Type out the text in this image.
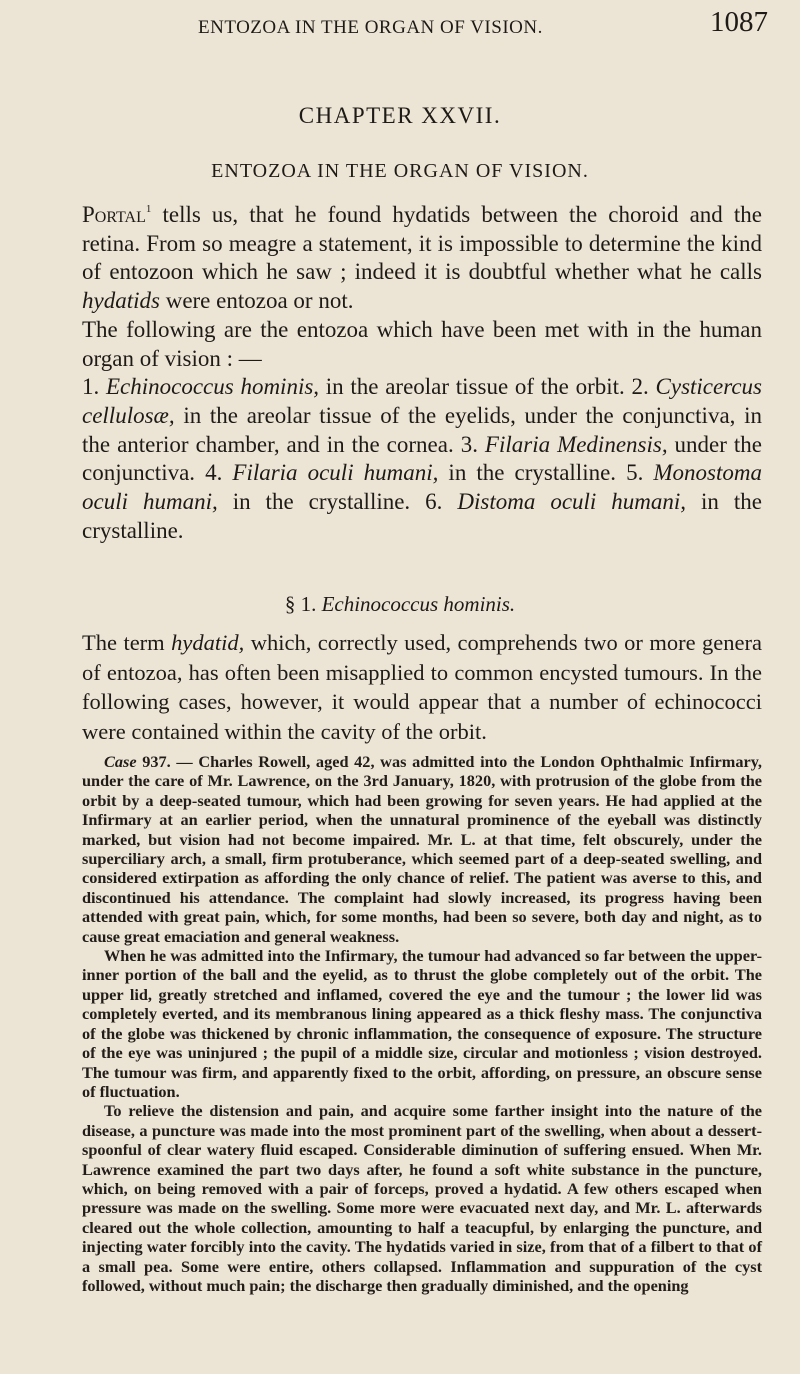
ENTOZOA IN THE ORGAN OF VISION.	1087
CHAPTER XXVII.
ENTOZOA IN THE ORGAN OF VISION.

Portal$^1$ tells us, that he found hydatids between the choroid and the retina. From so meagre a statement, it is impossible to determine the kind of entozoon which he saw ; indeed it is doubtful whether what he calls hydatids were entozoa or not.

The following are the entozoa which have been met with in the human organ of vision : —

1. Echinococcus hominis, in the areolar tissue of the orbit. 2. Cysticercus cellulosæ, in the areolar tissue of the eyelids, under the conjunctiva, in the anterior chamber, and in the cornea. 3. Filaria Medinensis, under the conjunctiva. 4. Filaria oculi humani, in the crystalline. 5. Monostoma oculi humani, in the crystalline. 6. Distoma oculi humani, in the crystalline.

§ 1. Echinococcus hominis.
The term hydatid, which, correctly used, comprehends two or more genera of entozoa, has often been misapplied to common encysted tumours. In the following cases, however, it would appear that a number of echinococci were contained within the cavity of the orbit.

Case 937. — Charles Rowell, aged 42, was admitted into the London Ophthalmic Infirmary, under the care of Mr. Lawrence, on the 3rd January, 1820, with protrusion of the globe from the orbit by a deep-seated tumour, which had been growing for seven years. He had applied at the Infirmary at an earlier period, when the unnatural prominence of the eyeball was distinctly marked, but vision had not become impaired. Mr. L. at that time, felt obscurely, under the superciliary arch, a small, firm protuberance, which seemed part of a deep-seated swelling, and considered extirpation as affording the only chance of relief. The patient was averse to this, and discontinued his attendance. The complaint had slowly increased, its progress having been attended with great pain, which, for some months, had been so severe, both day and night, as to cause great emaciation and general weakness.

When he was admitted into the Infirmary, the tumour had advanced so far between the upper-inner portion of the ball and the eyelid, as to thrust the globe completely out of the orbit. The upper lid, greatly stretched and inflamed, covered the eye and the tumour ; the lower lid was completely everted, and its membranous lining appeared as a thick fleshy mass. The conjunctiva of the globe was thickened by chronic inflammation, the consequence of exposure. The structure of the eye was uninjured ; the pupil of a middle size, circular and motionless ; vision destroyed. The tumour was firm, and apparently fixed to the orbit, affording, on pressure, an obscure sense of fluctuation.

To relieve the distension and pain, and acquire some farther insight into the nature of the disease, a puncture was made into the most prominent part of the swelling, when about a dessert-spoonful of clear watery fluid escaped. Considerable diminution of suffering ensued. When Mr. Lawrence examined the part two days after, he found a soft white substance in the puncture, which, on being removed with a pair of forceps, proved a hydatid. A few others escaped when pressure was made on the swelling. Some more were evacuated next day, and Mr. L. afterwards cleared out the whole collection, amounting to half a teacupful, by enlarging the puncture, and injecting water forcibly into the cavity. The hydatids varied in size, from that of a filbert to that of a small pea. Some were entire, others collapsed. Inflammation and suppuration of the cyst followed, without much pain; the discharge then gradually diminished, and the opening
